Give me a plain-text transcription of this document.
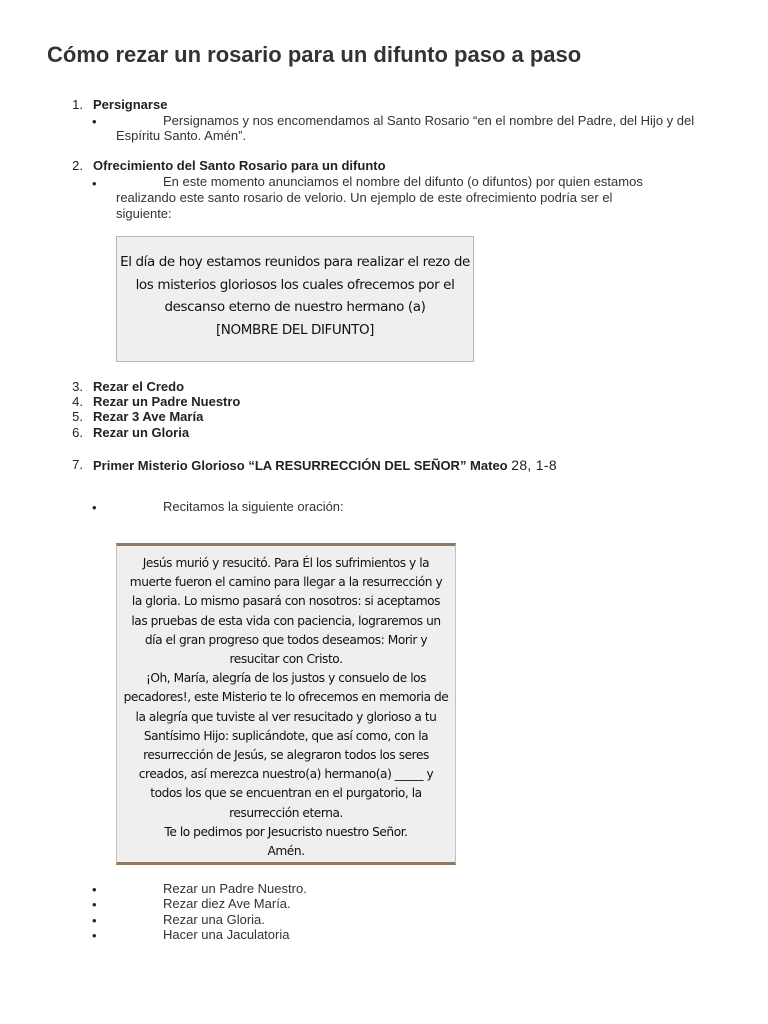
Cómo rezar un rosario para un difunto paso a paso
1. Persignarse
•	Persignamos y nos encomendamos al Santo Rosario “en el nombre del Padre, del Hijo y del
Espíritu Santo. Amén”.
2. Ofrecimiento del Santo Rosario para un difunto
•	En este momento anunciamos el nombre del difunto (o difuntos) por quien estamos
realizando este santo rosario de velorio. Un ejemplo de este ofrecimiento podría ser el
siguiente:

El día de hoy estamos reunidos para realizar el rezo de

los misterios gloriosos los cuales ofrecemos por el

descanso eterno de nuestro hermano (a)

[NOMBRE DEL DIFUNTO]

3. Rezar el Credo
4. Rezar un Padre Nuestro
5. Rezar 3 Ave María
6. Rezar un Gloria
7. Primer Misterio Glorioso “LA RESURRECCIÓN DEL SEÑOR” Mateo 28, 1-8
•	Recitamos la siguiente oración:

Jesús murió y resucitó. Para Él los sufrimientos y la

muerte fueron el camino para llegar a la resurrección y

la gloria. Lo mismo pasará con nosotros: si aceptamos

las pruebas de esta vida con paciencia, lograremos un

día el gran progreso que todos deseamos: Morir y

resucitar con Cristo.

¡Oh, María, alegría de los justos y consuelo de los

pecadores!, este Misterio te lo ofrecemos en memoria de

la alegría que tuviste al ver resucitado y glorioso a tu

Santísimo Hijo: suplicándote, que así como, con la

resurrección de Jesús, se alegraron todos los seres

creados, así merezca nuestro(a) hermano(a) _____ y

todos los que se encuentran en el purgatorio, la

resurrección eterna.

Te lo pedimos por Jesucristo nuestro Señor.

Amén.

•	Rezar un Padre Nuestro.
•	Rezar diez Ave María.
•	Rezar una Gloria.
•	Hacer una Jaculatoria
